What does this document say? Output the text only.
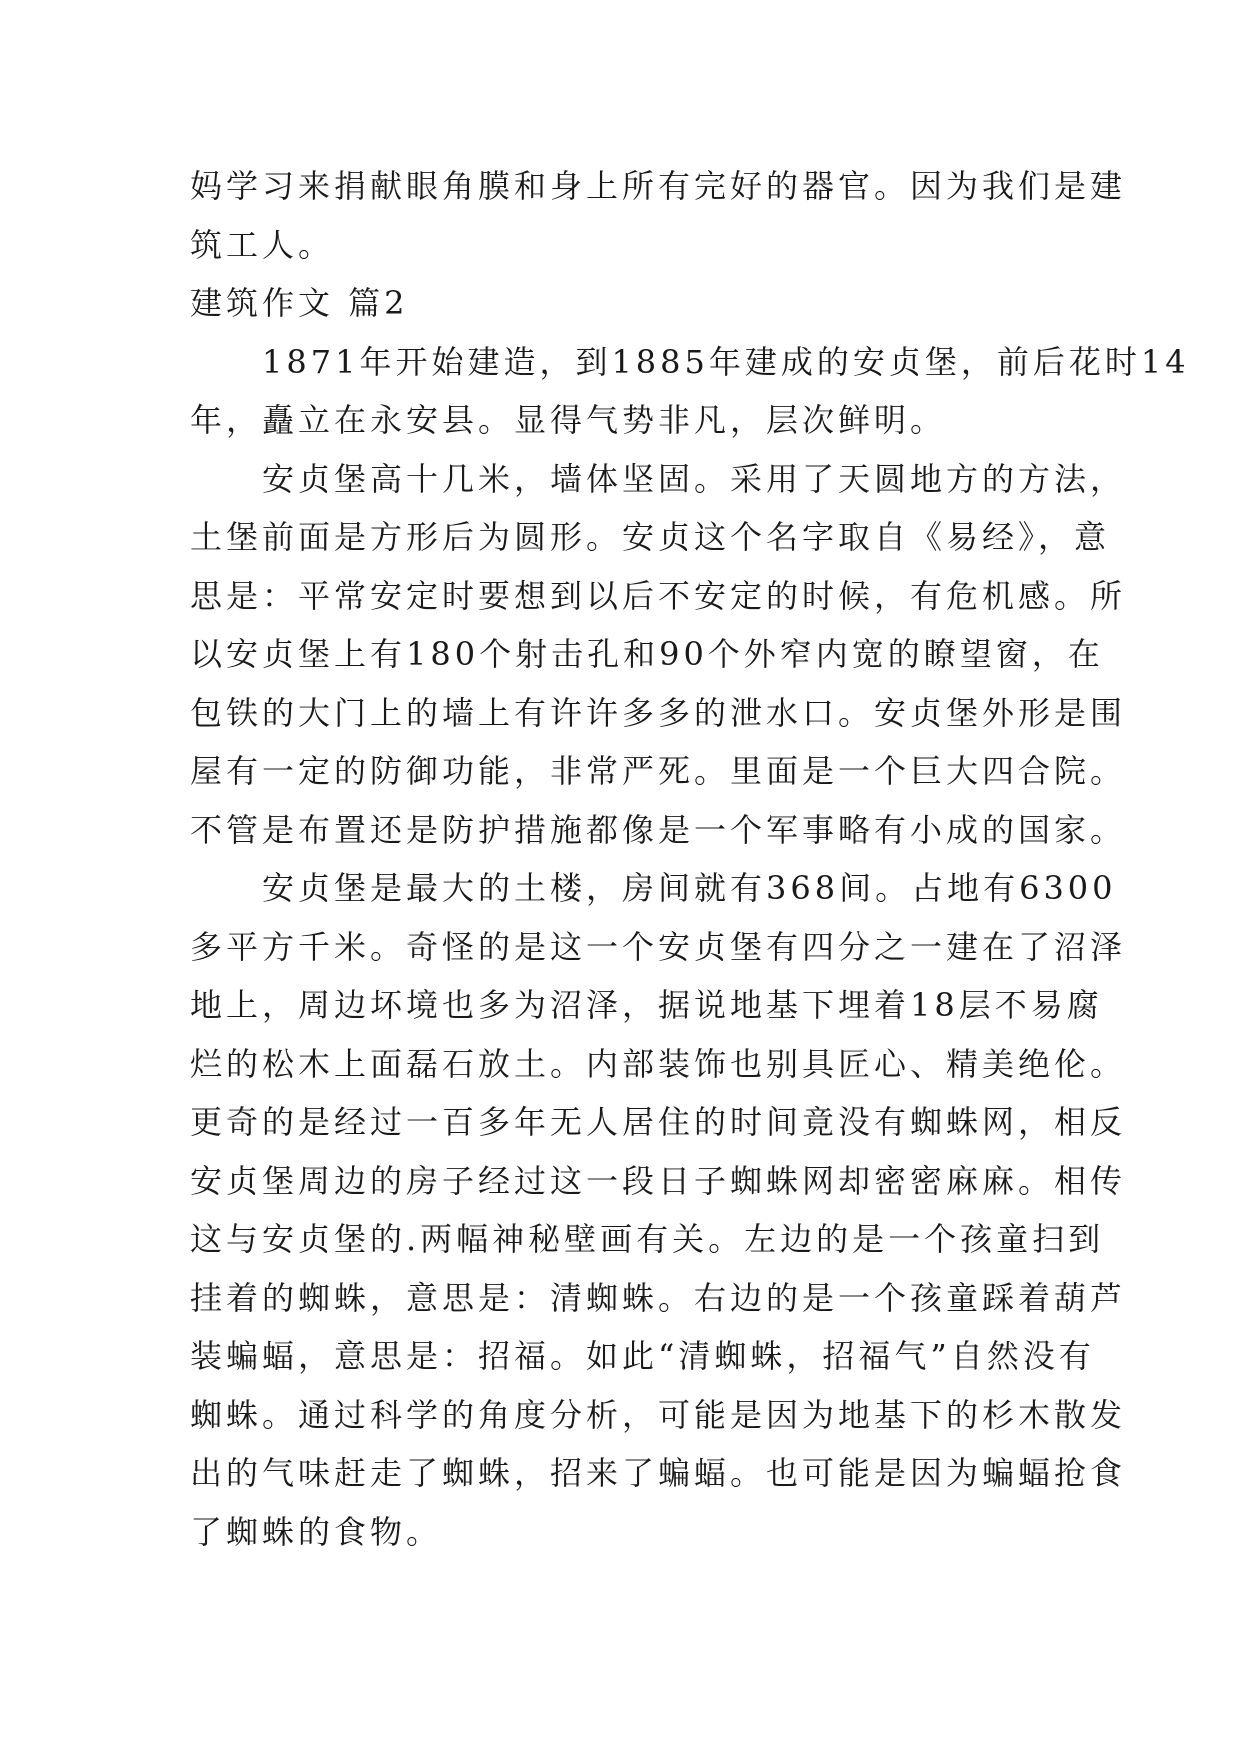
妈学习来捐献眼角膜和身上所有完好的器官。因为我们是建
筑工人。
建筑作文 篇2
1871年开始建造，到1885年建成的安贞堡，前后花时14
年，矗立在永安县。显得气势非凡，层次鲜明。
安贞堡高十几米，墙体坚固。采用了天圆地方的方法，
土堡前面是方形后为圆形。安贞这个名字取自《易经》，意
思是：平常安定时要想到以后不安定的时候，有危机感。所
以安贞堡上有180个射击孔和90个外窄内宽的瞭望窗，在
包铁的大门上的墙上有许许多多的泄水口。安贞堡外形是围
屋有一定的防御功能，非常严死。里面是一个巨大四合院。
不管是布置还是防护措施都像是一个军事略有小成的国家。
安贞堡是最大的土楼，房间就有368间。占地有6300
多平方千米。奇怪的是这一个安贞堡有四分之一建在了沼泽
地上，周边坏境也多为沼泽，据说地基下埋着18层不易腐
烂的松木上面磊石放土。内部装饰也别具匠心、精美绝伦。
更奇的是经过一百多年无人居住的时间竟没有蜘蛛网，相反
安贞堡周边的房子经过这一段日子蜘蛛网却密密麻麻。相传
这与安贞堡的.两幅神秘壁画有关。左边的是一个孩童扫到
挂着的蜘蛛，意思是：清蜘蛛。右边的是一个孩童踩着葫芦
装蝙蝠，意思是：招福。如此“清蜘蛛，招福气”自然没有
蜘蛛。通过科学的角度分析，可能是因为地基下的杉木散发
出的气味赶走了蜘蛛，招来了蝙蝠。也可能是因为蝙蝠抢食
了蜘蛛的食物。
